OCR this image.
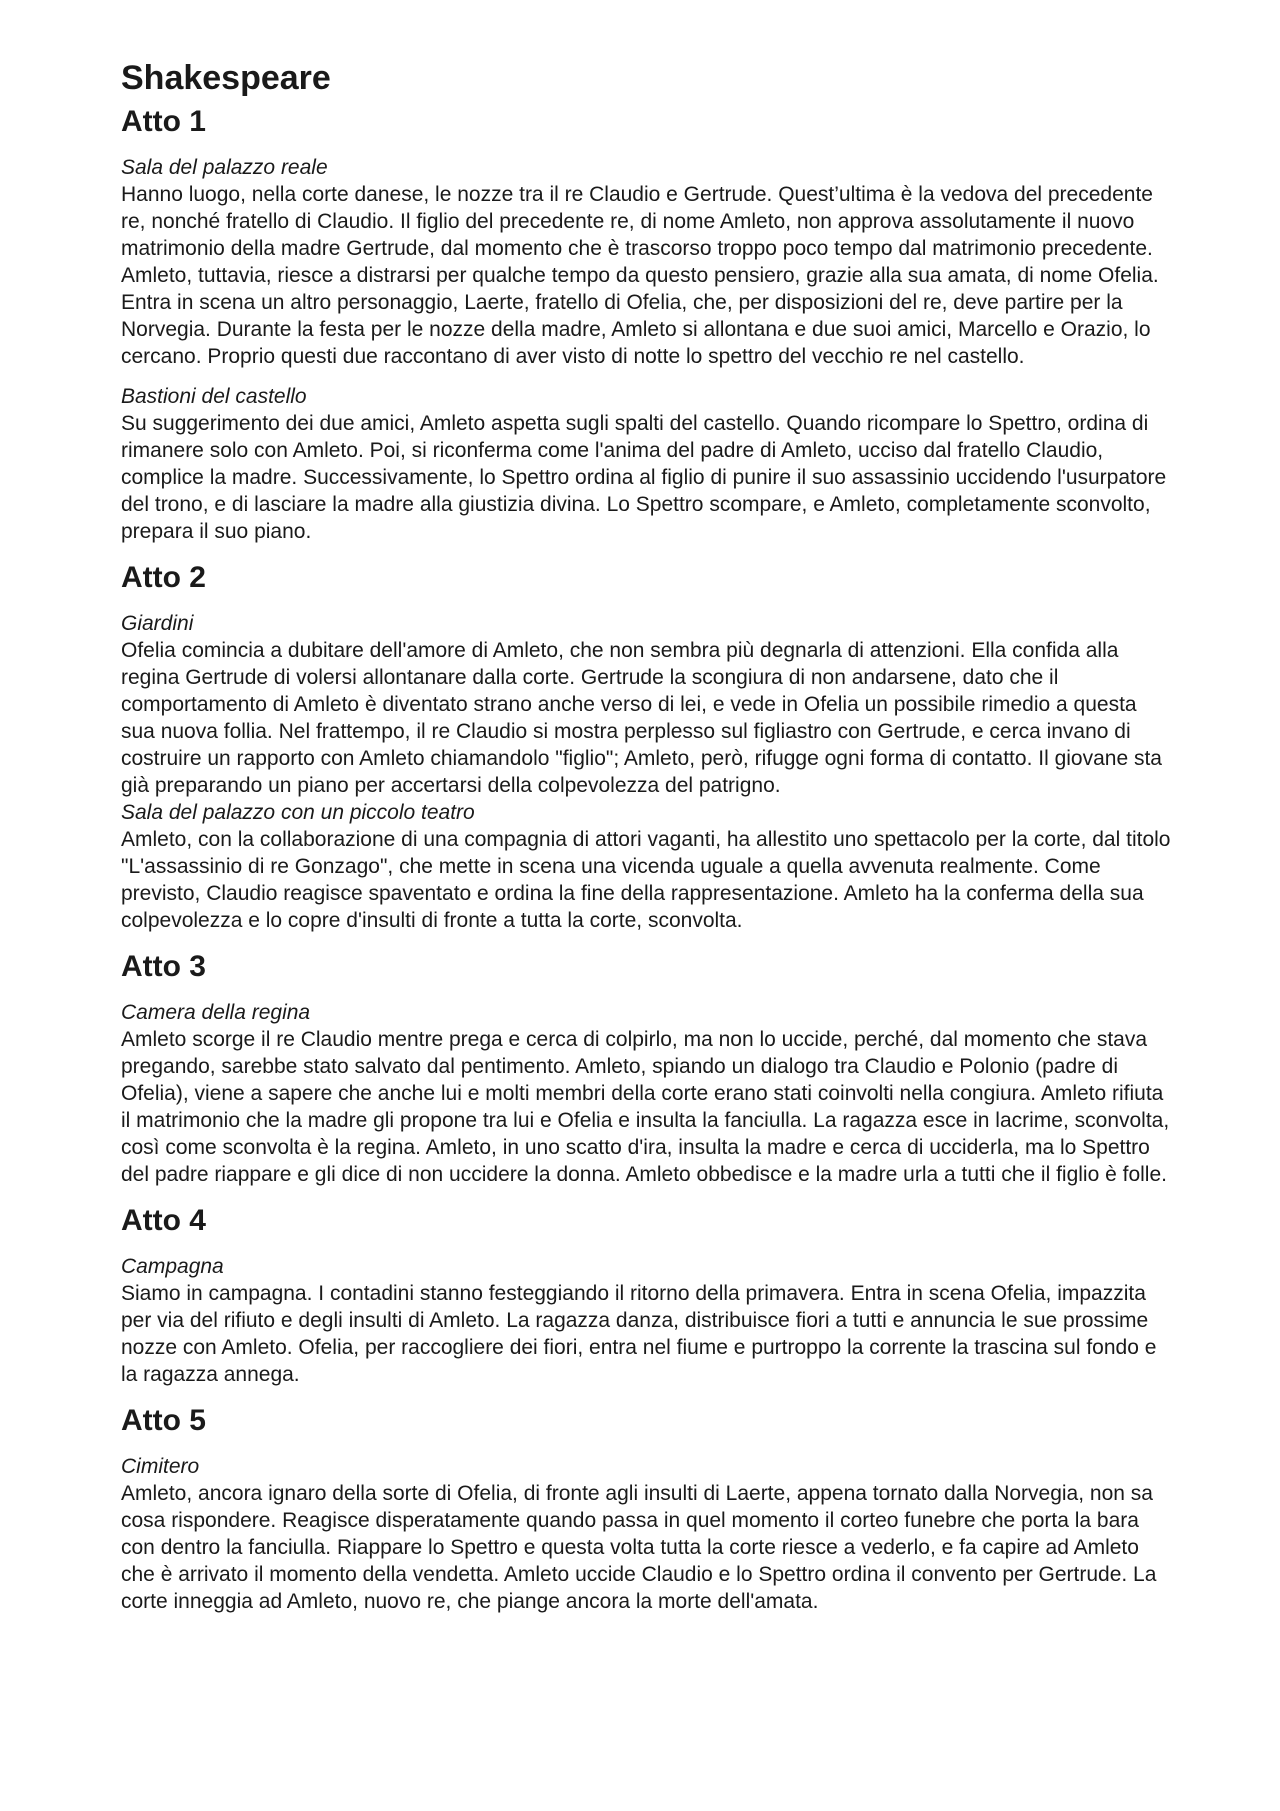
Shakespeare
Atto 1

Sala del palazzo reale

Hanno luogo, nella corte danese, le nozze tra il re Claudio e Gertrude. Quest’ultima è la vedova del precedente re, nonché fratello di Claudio. Il figlio del precedente re, di nome Amleto, non approva assolutamente il nuovo matrimonio della madre Gertrude, dal momento che è trascorso troppo poco tempo dal matrimonio precedente. Amleto, tuttavia, riesce a distrarsi per qualche tempo da questo pensiero, grazie alla sua amata, di nome Ofelia. Entra in scena un altro personaggio, Laerte, fratello di Ofelia, che, per disposizioni del re, deve partire per la Norvegia. Durante la festa per le nozze della madre, Amleto si allontana e due suoi amici, Marcello e Orazio, lo cercano. Proprio questi due raccontano di aver visto di notte lo spettro del vecchio re nel castello.

Bastioni del castello

Su suggerimento dei due amici, Amleto aspetta sugli spalti del castello. Quando ricompare lo Spettro, ordina di rimanere solo con Amleto. Poi, si riconferma come l'anima del padre di Amleto, ucciso dal fratello Claudio, complice la madre. Successivamente, lo Spettro ordina al figlio di punire il suo assassinio uccidendo l'usurpatore del trono, e di lasciare la madre alla giustizia divina. Lo Spettro scompare, e Amleto, completamente sconvolto, prepara il suo piano.

Atto 2

Giardini

Ofelia comincia a dubitare dell'amore di Amleto, che non sembra più degnarla di attenzioni. Ella confida alla regina Gertrude di volersi allontanare dalla corte. Gertrude la scongiura di non andarsene, dato che il comportamento di Amleto è diventato strano anche verso di lei, e vede in Ofelia un possibile rimedio a questa sua nuova follia. Nel frattempo, il re Claudio si mostra perplesso sul figliastro con Gertrude, e cerca invano di costruire un rapporto con Amleto chiamandolo "figlio"; Amleto, però, rifugge ogni forma di contatto. Il giovane sta già preparando un piano per accertarsi della colpevolezza del patrigno.

Sala del palazzo con un piccolo teatro

Amleto, con la collaborazione di una compagnia di attori vaganti, ha allestito uno spettacolo per la corte, dal titolo "L'assassinio di re Gonzago", che mette in scena una vicenda uguale a quella avvenuta realmente. Come previsto, Claudio reagisce spaventato e ordina la fine della rappresentazione. Amleto ha la conferma della sua colpevolezza e lo copre d'insulti di fronte a tutta la corte, sconvolta.

Atto 3

Camera della regina

Amleto scorge il re Claudio mentre prega e cerca di colpirlo, ma non lo uccide, perché, dal momento che stava pregando, sarebbe stato salvato dal pentimento. Amleto, spiando un dialogo tra Claudio e Polonio (padre di Ofelia), viene a sapere che anche lui e molti membri della corte erano stati coinvolti nella congiura. Amleto rifiuta il matrimonio che la madre gli propone tra lui e Ofelia e insulta la fanciulla. La ragazza esce in lacrime, sconvolta, così come sconvolta è la regina. Amleto, in uno scatto d'ira, insulta la madre e cerca di ucciderla, ma lo Spettro del padre riappare e gli dice di non uccidere la donna. Amleto obbedisce e la madre urla a tutti che il figlio è folle.

Atto 4

Campagna

Siamo in campagna. I contadini stanno festeggiando il ritorno della primavera. Entra in scena Ofelia, impazzita per via del rifiuto e degli insulti di Amleto. La ragazza danza, distribuisce fiori a tutti e annuncia le sue prossime nozze con Amleto. Ofelia, per raccogliere dei fiori, entra nel fiume e purtroppo la corrente la trascina sul fondo e la ragazza annega.

Atto 5

Cimitero

Amleto, ancora ignaro della sorte di Ofelia, di fronte agli insulti di Laerte, appena tornato dalla Norvegia, non sa cosa rispondere. Reagisce disperatamente quando passa in quel momento il corteo funebre che porta la bara con dentro la fanciulla. Riappare lo Spettro e questa volta tutta la corte riesce a vederlo, e fa capire ad Amleto che è arrivato il momento della vendetta. Amleto uccide Claudio e lo Spettro ordina il convento per Gertrude. La corte inneggia ad Amleto, nuovo re, che piange ancora la morte dell'amata.
